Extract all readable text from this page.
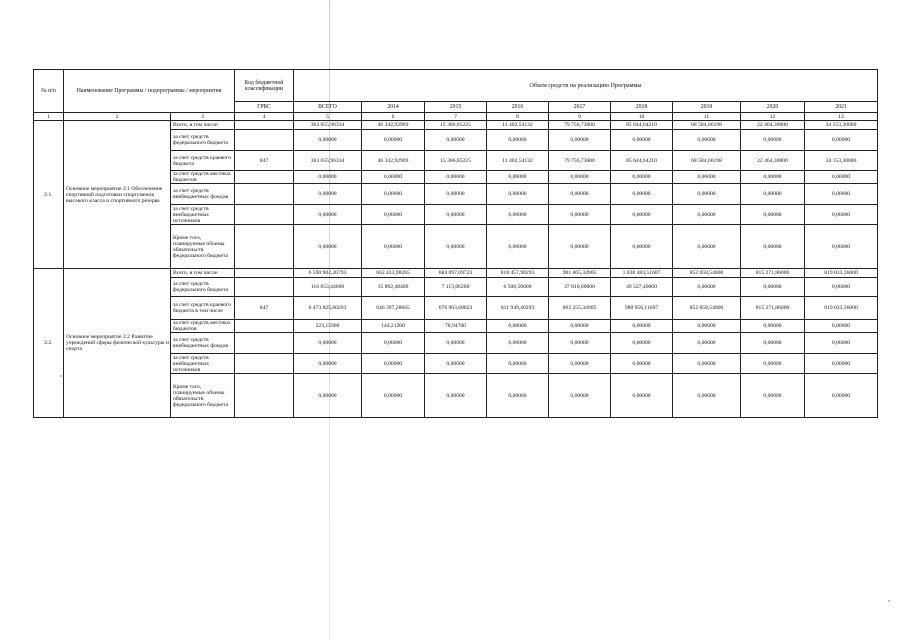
№ п/п	Наименование Программы / подпрограммы / мероприятия		Код бюджетной классификации	Объем средств на реализацию Программы								
			ГРБС	ВСЕГО	2014	2015	2016	2017	2018	2019	2020	2021
1	2	3	4	5	6	7	8	9	10	11	12	13
2.1.	Основное мероприятие 2.1 Обеспечение спортивной подготовки спортсменов высокого класса и спортивного резерва	Всего, в том числе:		363 655,96334	46 342,92969	15 306,85225	11 402,54132	79 756,73600	85 644,64210	68 584,66198	22 464,30000	34 153,30000
		за счет средств федерального бюджета		0,00000	0,00000	0,00000	0,00000	0,00000	0,00000	0,00000	0,00000	0,00000
		за счет средств краевого бюджета	847	363 655,96334	46 342,92969	15 306,85225	11 402,54132	79 756,73600	85 644,64210	68 584,66198	22 464,30000	34 153,30000
		за счет средств местных бюджетов		0,00000	0,00000	0,00000	0,00000	0,00000	0,00000	0,00000	0,00000	0,00000
		за счет средств внебюджетных фондов		0,00000	0,00000	0,00000	0,00000	0,00000	0,00000	0,00000	0,00000	0,00000
		за счет средств внебюджетных источников		0,00000	0,00000	0,00000	0,00000	0,00000	0,00000	0,00000	0,00000	0,00000
		Кроме того, планируемые объемы обязательств федерального бюджета		0,00000	0,00000	0,00000	0,00000	0,00000	0,00000	0,00000	0,00000	0,00000
2.2.	Основное мероприятие 2.2 Развитие учреждений сферы физической культуры и спорта	Всего, в том числе:		6 590 902,20793	662 433,98265	684 097,69723	818 457,90293	901 065,34905	1 038 483,51607	852 058,54000	815 271,86000	819 033,36000
		за счет средств федерального бюджета		116 853,44600	15 892,48400	7 115,06200	6 508,50000	37 810,00000	49 527,40000	0,00000	0,00000	0,00000
		за счет средств краевого бюджета в том числе	847	6 473 825,60293	646 397,28665	676 903,68823	811 949,40293	863 255,34905	988 956,11607	852 058,54000	815 271,86000	819 033,36000
		за счет средств местных бюджетов		223,15900	144,21200	78,94700	0,00000	0,00000	0,00000	0,00000	0,00000	0,00000
		за счет средств внебюджетных фондов		0,00000	0,00000	0,00000	0,00000	0,00000	0,00000	0,00000	0,00000	0,00000
		за счет средств внебюджетных источников		0,00000	0,00000	0,00000	0,00000	0,00000	0,00000	0,00000	0,00000	0,00000
		Кроме того, планируемые объемы обязательств федерального бюджета		0,00000	0,00000	0,00000	0,00000	0,00000	0,00000	0,00000	0,00000	0,00000
